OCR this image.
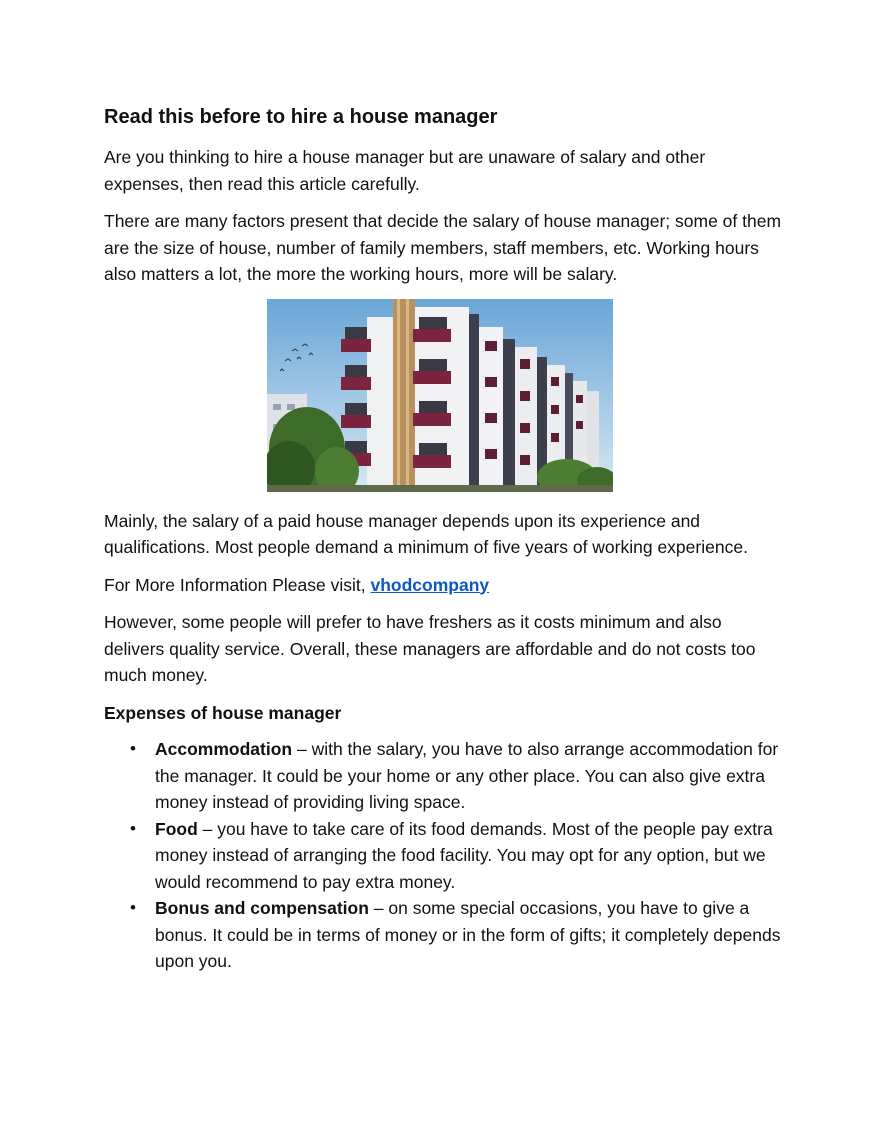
Read this before to hire a house manager

Are you thinking to hire a house manager but are unaware of salary and other expenses, then read this article carefully.

There are many factors present that decide the salary of house manager; some of them are the size of house, number of family members, staff members, etc. Working hours also matters a lot, the more the working hours, more will be salary.

Mainly, the salary of a paid house manager depends upon its experience and qualifications. Most people demand a minimum of five years of working experience.

For More Information Please visit, vhodcompany

However, some people will prefer to have freshers as it costs minimum and also delivers quality service. Overall, these managers are affordable and do not costs too much money.

Expenses of house manager
• Accommodation – with the salary, you have to also arrange accommodation for the manager. It could be your home or any other place. You can also give extra money instead of providing living space.
• Food – you have to take care of its food demands. Most of the people pay extra money instead of arranging the food facility. You may opt for any option, but we would recommend to pay extra money.
• Bonus and compensation – on some special occasions, you have to give a bonus. It could be in terms of money or in the form of gifts; it completely depends upon you.
